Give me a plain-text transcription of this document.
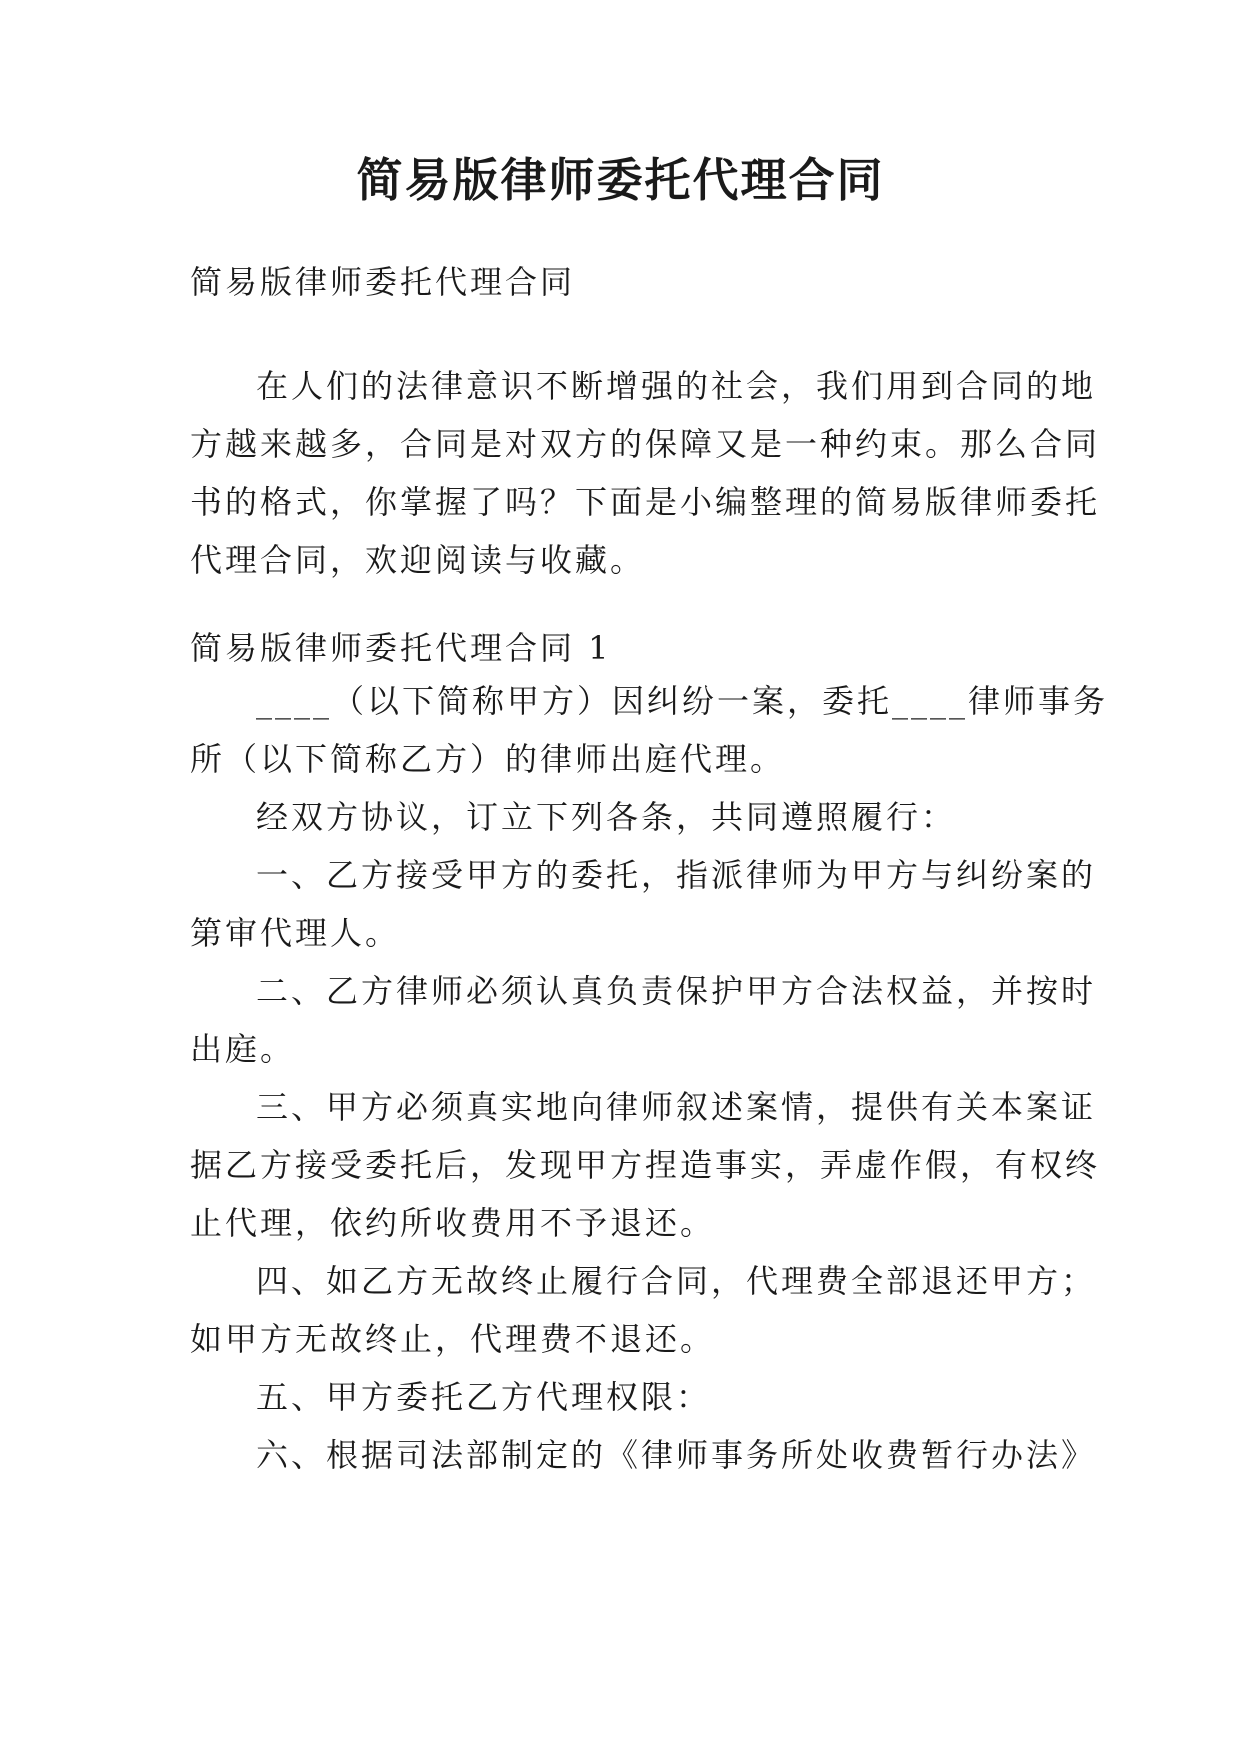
简易版律师委托代理合同
简易版律师委托代理合同

在人们的法律意识不断增强的社会，我们用到合同的地
方越来越多，合同是对双方的保障又是一种约束。那么合同
书的格式，你掌握了吗？下面是小编整理的简易版律师委托
代理合同，欢迎阅读与收藏。

简易版律师委托代理合同 1

____（以下简称甲方）因纠纷一案，委托____律师事务
所（以下简称乙方）的律师出庭代理。

经双方协议，订立下列各条，共同遵照履行：

一、乙方接受甲方的委托，指派律师为甲方与纠纷案的
第审代理人。

二、乙方律师必须认真负责保护甲方合法权益，并按时
出庭。

三、甲方必须真实地向律师叙述案情，提供有关本案证
据乙方接受委托后，发现甲方捏造事实，弄虚作假，有权终
止代理，依约所收费用不予退还。

四、如乙方无故终止履行合同，代理费全部退还甲方；
如甲方无故终止，代理费不退还。

五、甲方委托乙方代理权限：

六、根据司法部制定的《律师事务所处收费暂行办法》
